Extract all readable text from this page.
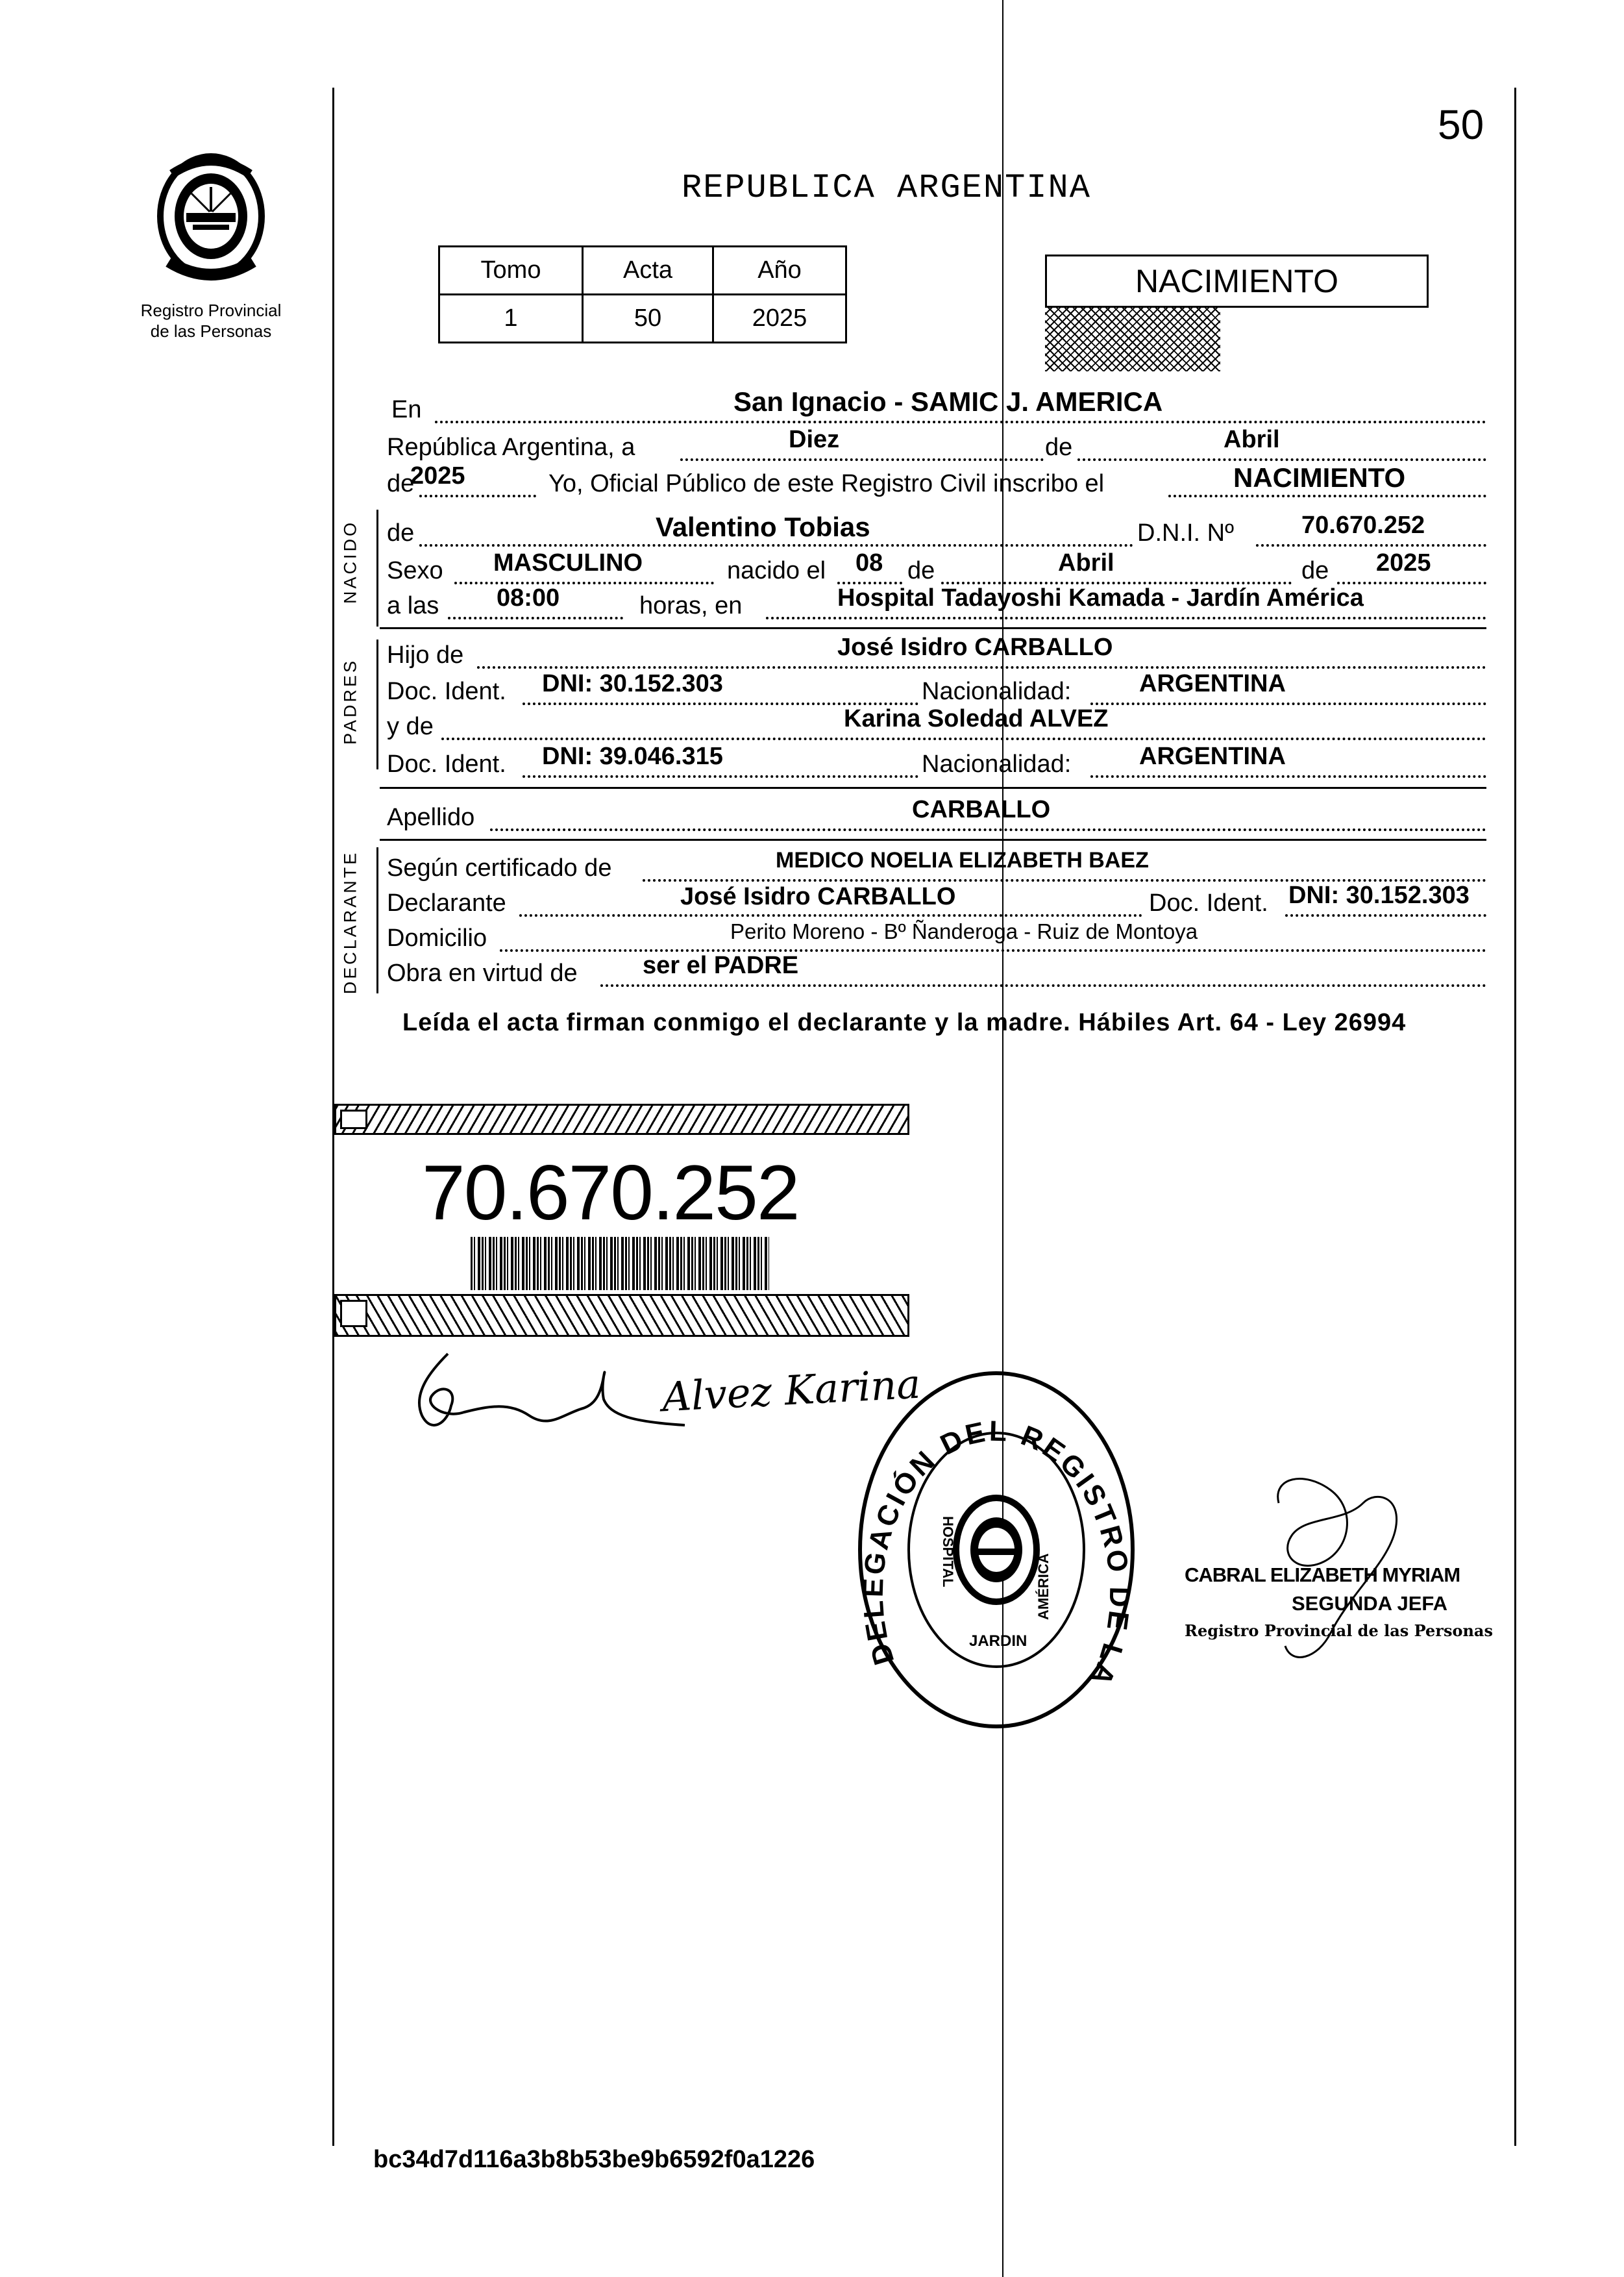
50
Registro Provincial
de las Personas
REPUBLICA ARGENTINA
Tomo	Acta	Año
1	50	2025
NACIMIENTO
En	San Ignacio - SAMIC J. AMERICA
República Argentina, a	Diez	de	Abril
de
2025	Yo, Oficial Público de este Registro Civil inscribo el	NACIMIENTO
NACIDO de	Valentino Tobias	D.N.I. Nº	70.670.252
Sexo MASCULINO	nacido el 08 de	Abril	de 2025
a las 08:00	horas, en	Hospital Tadayoshi Kamada - Jardín América
PADRES
Hijo de	José Isidro CARBALLO
Doc. Ident. DNI: 30.152.303	Nacionalidad:	ARGENTINA
y de	Karina Soledad ALVEZ
Doc. Ident. DNI: 39.046.315	Nacionalidad:	ARGENTINA
Apellido	CARBALLO
DECLARANTE Según certificado de	MEDICO NOELIA ELIZABETH BAEZ
Declarante	José Isidro CARBALLO	Doc. Ident. DNI: 30.152.303
Domicilio	Perito Moreno - Bº Ñanderoga - Ruiz de Montoya
Obra en virtud de	ser el PADRE
Leída el acta firman conmigo el declarante y la madre. Hábiles Art. 64 - Ley 26994
70.670.252
Alvez Karina
DELEGACIÓN DEL REGISTRO DE LA
HOSPITAL	AMÉRICA
JARDIN
CABRAL ELIZABETH MYRIAM
SEGUNDA JEFA
Registro Provincial de las Personas
bc34d7d116a3b8b53be9b6592f0a1226
